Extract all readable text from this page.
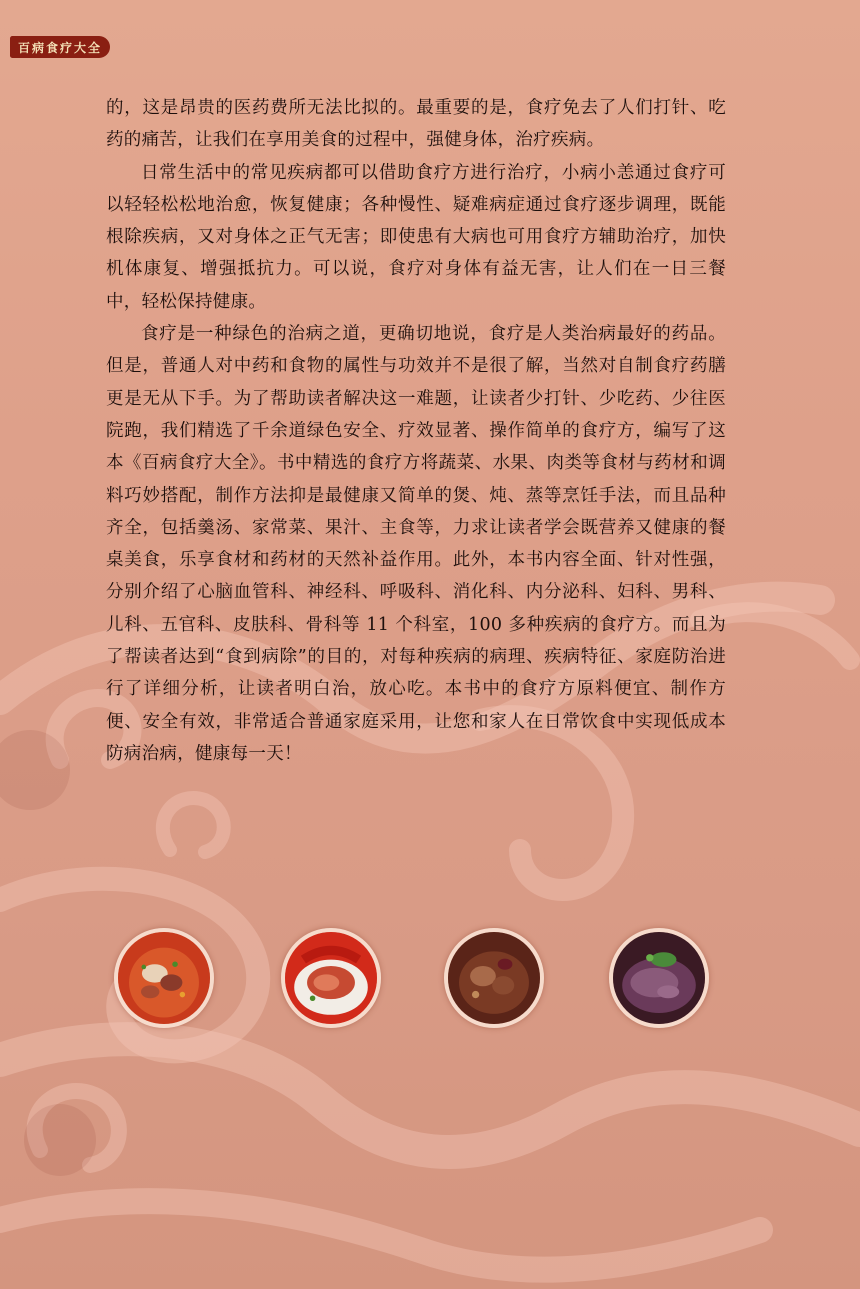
百病食疗大全

的，这是昂贵的医药费所无法比拟的。最重要的是，食疗免去了人们打针、吃药的痛苦，让我们在享用美食的过程中，强健身体，治疗疾病。

日常生活中的常见疾病都可以借助食疗方进行治疗，小病小恙通过食疗可以轻轻松松地治愈，恢复健康；各种慢性、疑难病症通过食疗逐步调理，既能根除疾病，又对身体之正气无害；即使患有大病也可用食疗方辅助治疗，加快机体康复、增强抵抗力。可以说，食疗对身体有益无害，让人们在一日三餐中，轻松保持健康。

食疗是一种绿色的治病之道，更确切地说，食疗是人类治病最好的药品。但是，普通人对中药和食物的属性与功效并不是很了解，当然对自制食疗药膳更是无从下手。为了帮助读者解决这一难题，让读者少打针、少吃药、少往医院跑，我们精选了千余道绿色安全、疗效显著、操作简单的食疗方，编写了这本《百病食疗大全》。书中精选的食疗方将蔬菜、水果、肉类等食材与药材和调料巧妙搭配，制作方法抑是最健康又简单的煲、炖、蒸等烹饪手法，而且品种齐全，包括羹汤、家常菜、果汁、主食等，力求让读者学会既营养又健康的餐桌美食，乐享食材和药材的天然补益作用。此外，本书内容全面、针对性强，分别介绍了心脑血管科、神经科、呼吸科、消化科、内分泌科、妇科、男科、儿科、五官科、皮肤科、骨科等 11 个科室，100 多种疾病的食疗方。而且为了帮读者达到“食到病除”的目的，对每种疾病的病理、疾病特征、家庭防治进行了详细分析，让读者明白治，放心吃。本书中的食疗方原料便宜、制作方便、安全有效，非常适合普通家庭采用，让您和家人在日常饮食中实现低成本防病治病，健康每一天！
